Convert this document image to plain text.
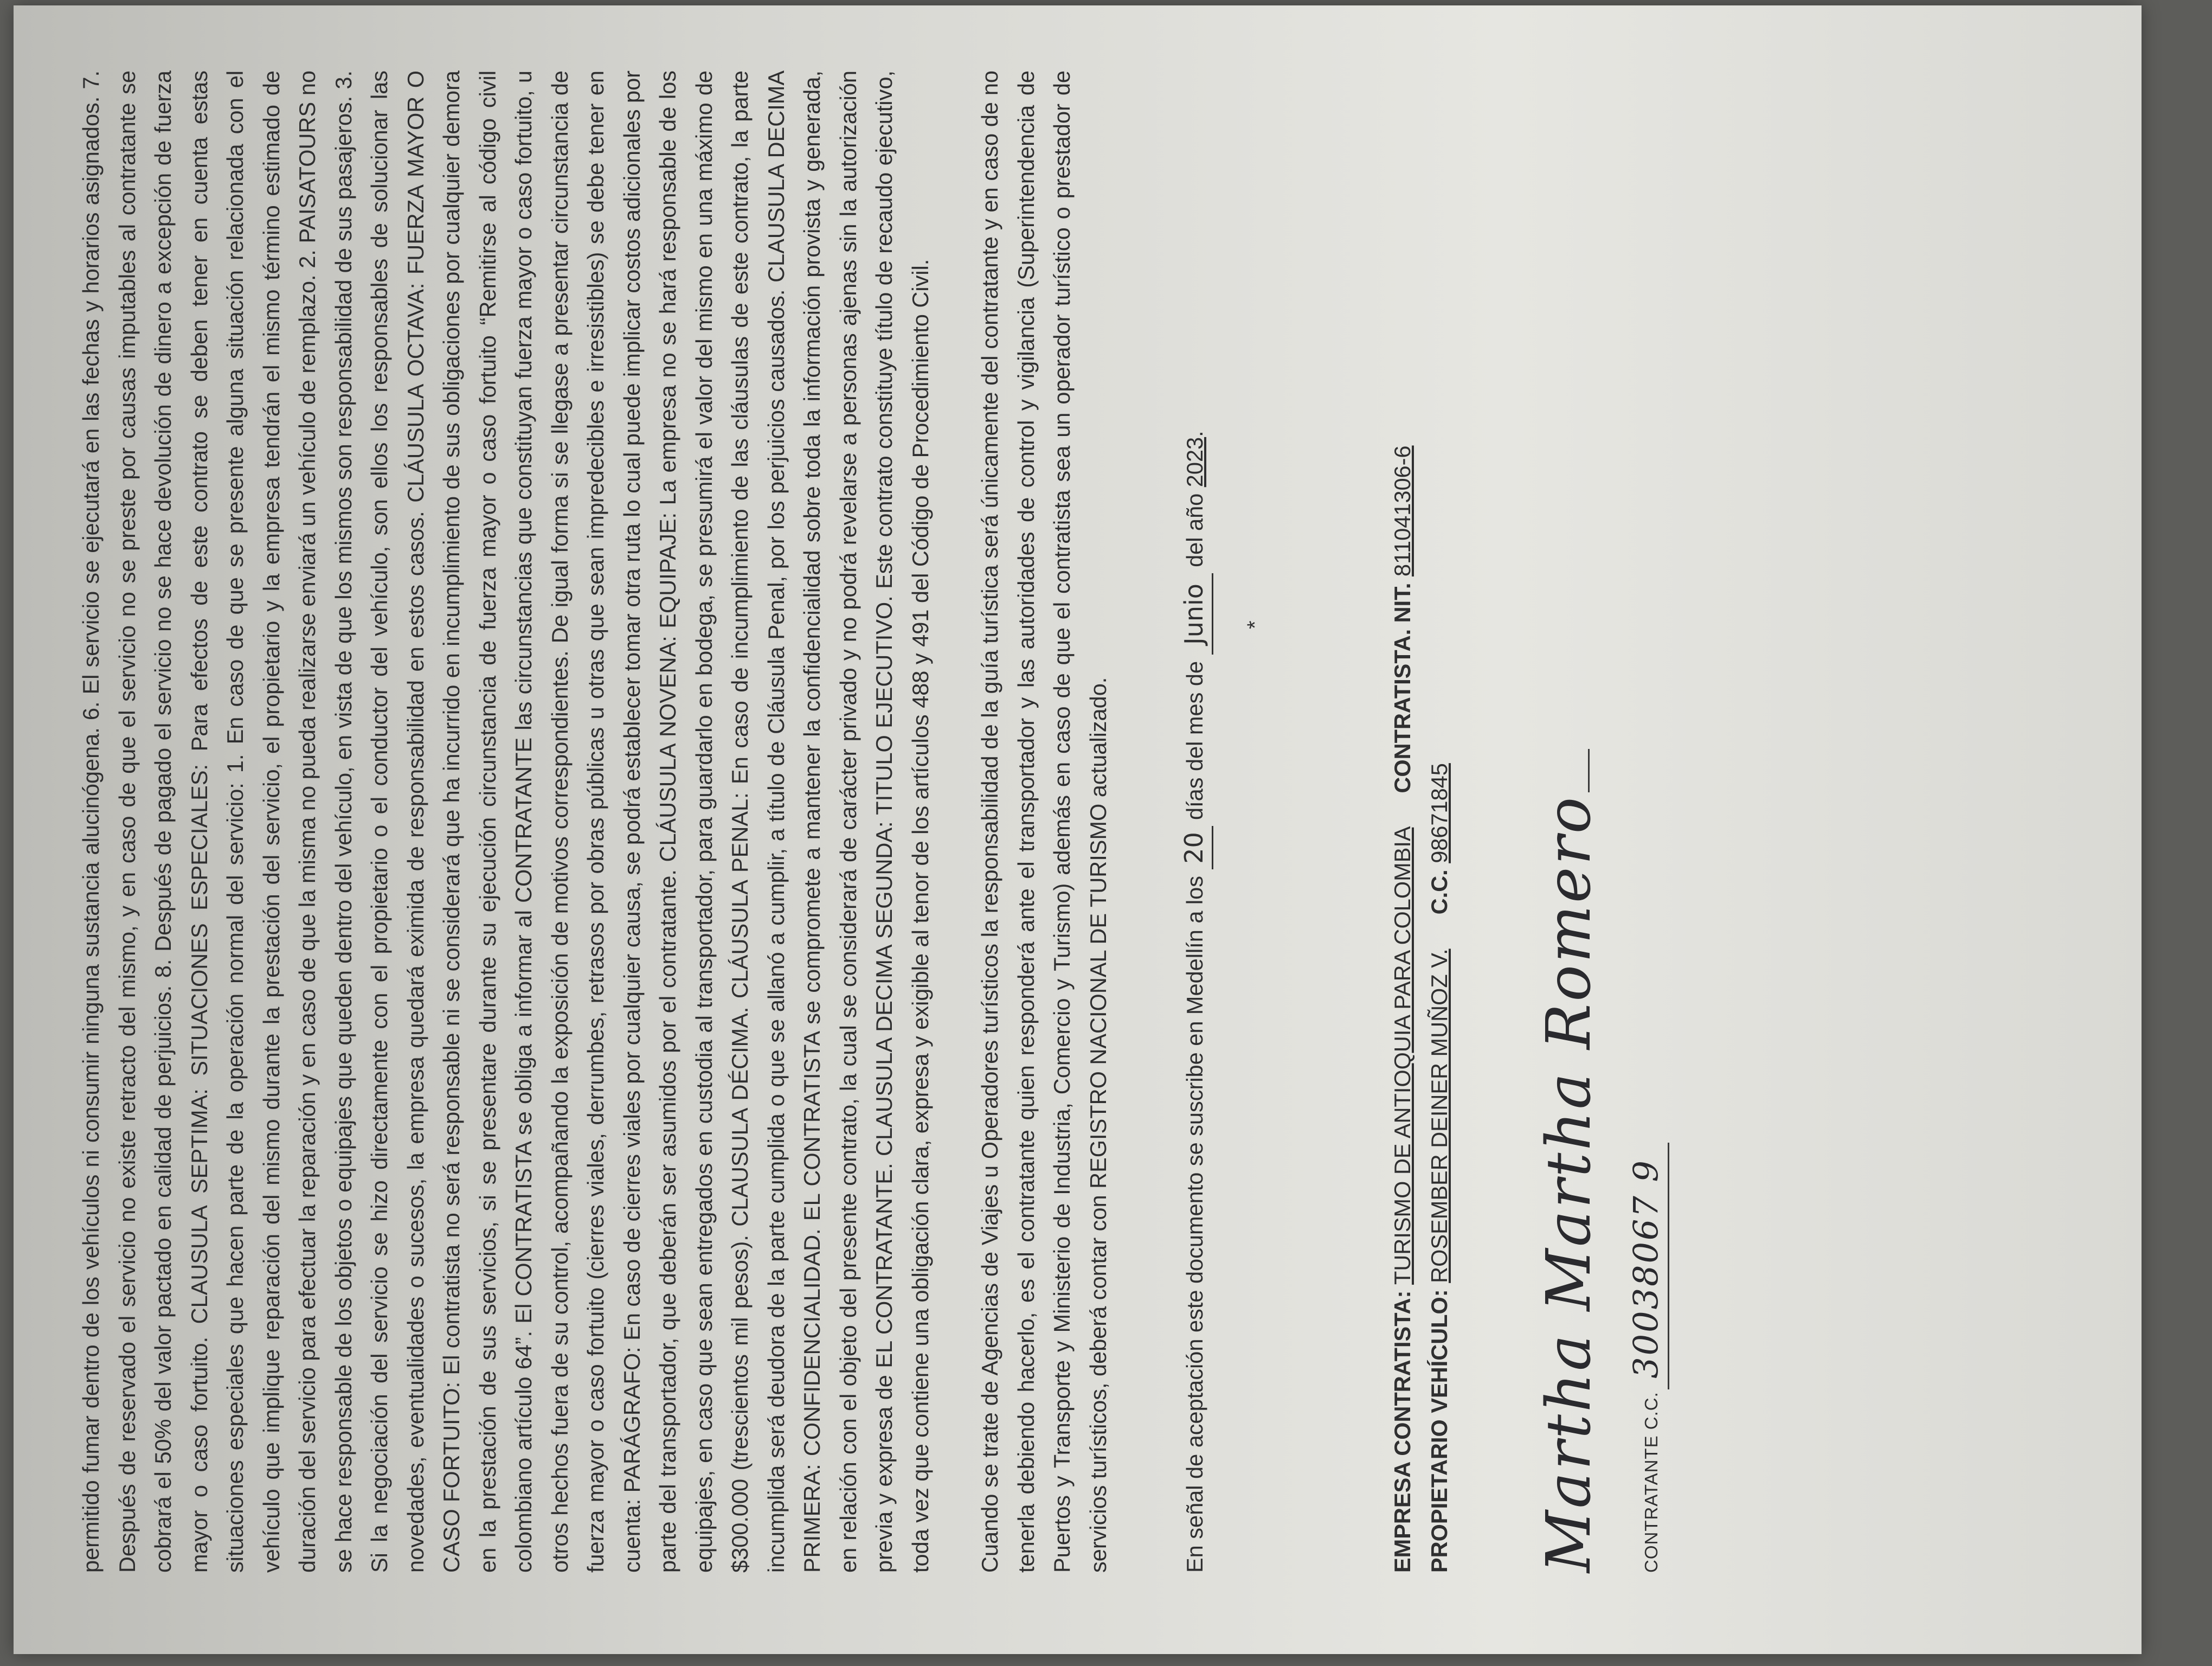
permitido fumar dentro de los vehículos ni consumir ninguna sustancia alucinógena. 6. El servicio se ejecutará en las fechas y horarios asignados. 7. Después de reservado el servicio no existe retracto del mismo, y en caso de que el servicio no se preste por causas imputables al contratante se cobrará el 50% del valor pactado en calidad de perjuicios. 8. Después de pagado el servicio no se hace devolución de dinero a excepción de fuerza mayor o caso fortuito. CLAUSULA SEPTIMA: SITUACIONES ESPECIALES: Para efectos de este contrato se deben tener en cuenta estas situaciones especiales que hacen parte de la operación normal del servicio: 1. En caso de que se presente alguna situación relacionada con el vehículo que implique reparación del mismo durante la prestación del servicio, el propietario y la empresa tendrán el mismo término estimado de duración del servicio para efectuar la reparación y en caso de que la misma no pueda realizarse enviará un vehículo de remplazo. 2. PAISATOURS no se hace responsable de los objetos o equipajes que queden dentro del vehículo, en vista de que los mismos son responsabilidad de sus pasajeros. 3. Si la negociación del servicio se hizo directamente con el propietario o el conductor del vehículo, son ellos los responsables de solucionar las novedades, eventualidades o sucesos, la empresa quedará eximida de responsabilidad en estos casos. CLÁUSULA OCTAVA: FUERZA MAYOR O CASO FORTUITO: El contratista no será responsable ni se considerará que ha incurrido en incumplimiento de sus obligaciones por cualquier demora en la prestación de sus servicios, si se presentare durante su ejecución circunstancia de fuerza mayor o caso fortuito “Remitirse al código civil colombiano artículo 64”. El CONTRATISTA se obliga a informar al CONTRATANTE las circunstancias que constituyan fuerza mayor o caso fortuito, u otros hechos fuera de su control, acompañando la exposición de motivos correspondientes. De igual forma si se llegase a presentar circunstancia de fuerza mayor o caso fortuito (cierres viales, derrumbes, retrasos por obras públicas u otras que sean impredecibles e irresistibles) se debe tener en cuenta: PARÁGRAFO: En caso de cierres viales por cualquier causa, se podrá establecer tomar otra ruta lo cual puede implicar costos adicionales por parte del transportador, que deberán ser asumidos por el contratante. CLÁUSULA NOVENA: EQUIPAJE: La empresa no se hará responsable de los equipajes, en caso que sean entregados en custodia al transportador, para guardarlo en bodega, se presumirá el valor del mismo en una máximo de $300.000 (trescientos mil pesos). CLAUSULA DÉCIMA. CLÁUSULA PENAL: En caso de incumplimiento de las cláusulas de este contrato, la parte incumplida será deudora de la parte cumplida o que se allanó a cumplir, a título de Cláusula Penal, por los perjuicios causados. CLAUSULA DECIMA PRIMERA: CONFIDENCIALIDAD. EL CONTRATISTA se compromete a mantener la confidencialidad sobre toda la información provista y generada, en relación con el objeto del presente contrato, la cual se considerará de carácter privado y no podrá revelarse a personas ajenas sin la autorización previa y expresa de EL CONTRATANTE. CLAUSULA DECIMA SEGUNDA: TITULO EJECUTIVO. Este contrato constituye título de recaudo ejecutivo, toda vez que contiene una obligación clara, expresa y exigible al tenor de los artículos 488 y 491 del Código de Procedimiento Civil. Cuando se trate de Agencias de Viajes u Operadores turísticos la responsabilidad de la guía turística será únicamente del contratante y en caso de no tenerla debiendo hacerlo, es el contratante quien responderá ante el transportador y las autoridades de control y vigilancia (Superintendencia de Puertos y Transporte y Ministerio de Industria, Comercio y Turismo) además en caso de que el contratista sea un operador turístico o prestador de servicios turísticos, deberá contar con REGISTRO NACIONAL DE TURISMO actualizado.	En señal de aceptación este documento se suscribe en Medellín a los 20 días del mes de Junio del año 2023.
*
EMPRESA CONTRATISTA: TURISMO DE ANTIOQUIA PARA COLOMBIA  CONTRATISTA. NIT. 811041306-6
PROPIETARIO VEHÍCULO: ROSEMBER DEINER MUÑOZ V.  C.C. 98671845 Martha Martha Romero	CONTRATANTE C.C. 30038067 9
